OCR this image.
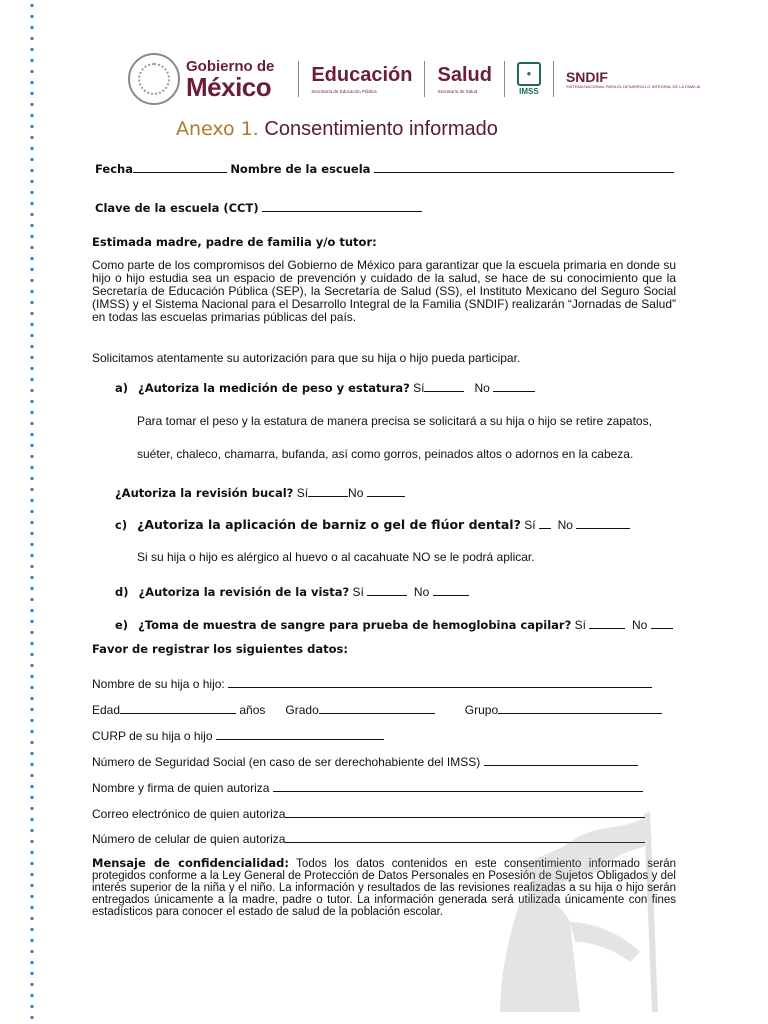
Gobierno de
México Educación
Secretaría de Educación Pública
Salud
Secretaría de Salud
●
IMSS
SNDIF
SISTEMA NACIONAL PARA EL DESARROLLO INTEGRAL DE LA FAMILIA
Anexo 1. Consentimiento informado
Fecha	Nombre de la escuela
Clave de la escuela (CCT)
Estimada madre, padre de familia y/o tutor:
Como parte de los compromisos del Gobierno de México para garantizar que la escuela primaria en donde su hijo o hijo estudia sea un espacio de prevención y cuidado de la salud, se hace de su conocimiento que la Secretaría de Educación Pública (SEP), la Secretaría de Salud (SS), el Instituto Mexicano del Seguro Social (IMSS) y el Sistema Nacional para el Desarrollo Integral de la Familia (SNDIF) realizarán “Jornadas de Salud” en todas las escuelas primarias públicas del país.
Solicitamos atentamente su autorización para que su hija o hijo pueda participar.
a) ¿Autoriza la medición de peso y estatura? Sí	No
Para tomar el peso y la estatura de manera precisa se solicitará a su hija o hijo se retire zapatos,
suéter, chaleco, chamarra, bufanda, así como gorros, peinados altos o adornos en la cabeza.
¿Autoriza la revisión bucal? Sí	No
c) ¿Autoriza la aplicación de barniz o gel de flúor dental? Sí No
Si su hija o hijo es alérgico al huevo o al cacahuate NO se le podrá aplicar.
d) ¿Autoriza la revisión de la vista? Sí	No
e) ¿Toma de muestra de sangre para prueba de hemoglobina capilar? Sí	No
Favor de registrar los siguientes datos:
Nombre de su hija o hijo:
Edad	años Grado	Grupo
CURP de su hija o hijo
Número de Seguridad Social (en caso de ser derechohabiente del IMSS)
Nombre y firma de quien autoriza
Correo electrónico de quien autoriza
Número de celular de quien autoriza
Mensaje de confidencialidad: Todos los datos contenidos en este consentimiento informado serán protegidos conforme a la Ley General de Protección de Datos Personales en Posesión de Sujetos Obligados y del interés superior de la niña y el niño. La información y resultados de las revisiones realizadas a su hija o hijo serán entregados únicamente a la madre, padre o tutor. La información generada será utilizada únicamente con fines estadísticos para conocer el estado de salud de la población escolar.
